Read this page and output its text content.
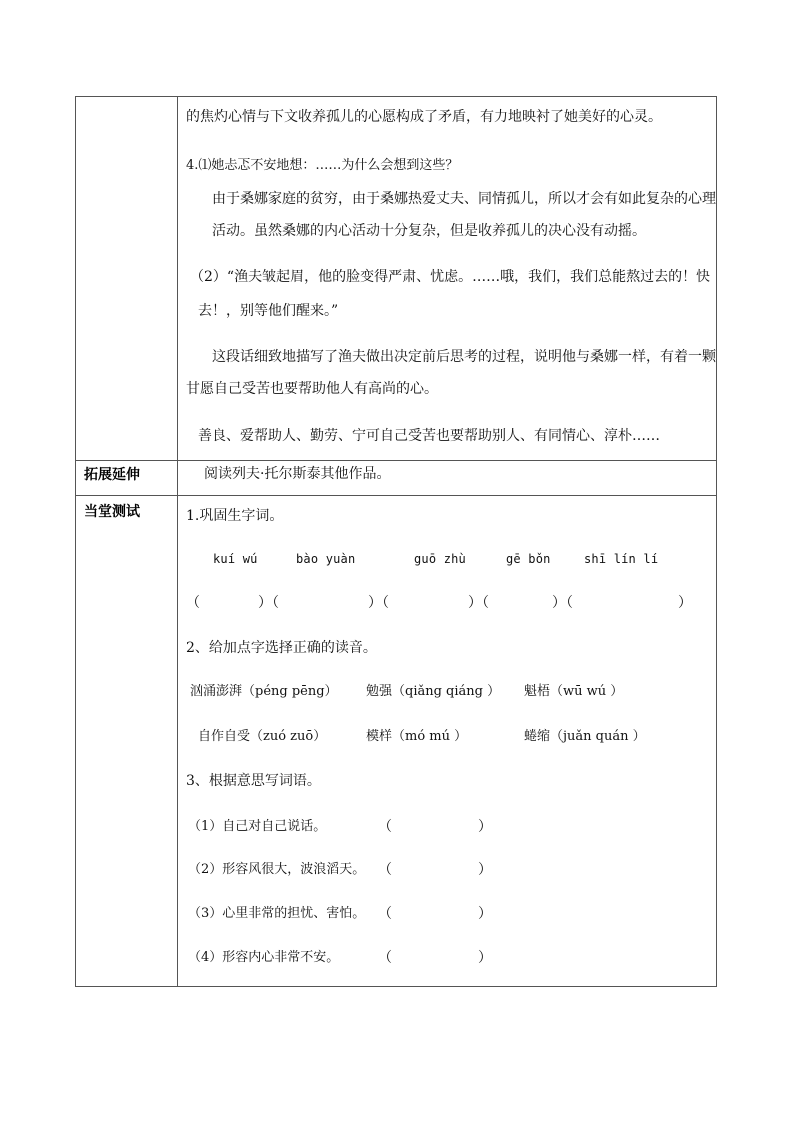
的焦灼心情与下文收养孤儿的心愿构成了矛盾，有力地映衬了她美好的心灵。
4.⑴她忐忑不安地想：……为什么会想到这些？
由于桑娜家庭的贫穷，由于桑娜热爱丈夫、同情孤儿，所以才会有如此复杂的心理
活动。虽然桑娜的内心活动十分复杂，但是收养孤儿的决心没有动摇。
（2）“渔夫皱起眉，他的脸变得严肃、忧虑。……哦，我们，我们总能熬过去的！快
去！，别等他们醒来。”
这段话细致地描写了渔夫做出决定前后思考的过程，说明他与桑娜一样，有着一颗
甘愿自己受苦也要帮助他人有高尚的心。
善良、爱帮助人、勤劳、宁可自己受苦也要帮助别人、有同情心、淳朴……
拓展延伸	阅读列夫·托尔斯泰其他作品。
当堂测试	1.巩固生字词。
kuí wú	bào yuàn	guō zhù	gē bǒn	shī lín lí
（	）（	）（	）（	）（	）
2、给加点字选择正确的读音。
汹涌澎湃（péng pēng） 勉强（qiǎng qiáng ） 魁梧（wū wú ）
自作自受（zuó zuō）	模样（mó mú ）	蜷缩（juǎn quán ）
3、根据意思写词语。
（1）自己对自己说话。	（	）
（2）形容风很大，波浪滔天。 （	）
（3）心里非常的担忧、害怕。 （	）
（4）形容内心非常不安。	（	）
